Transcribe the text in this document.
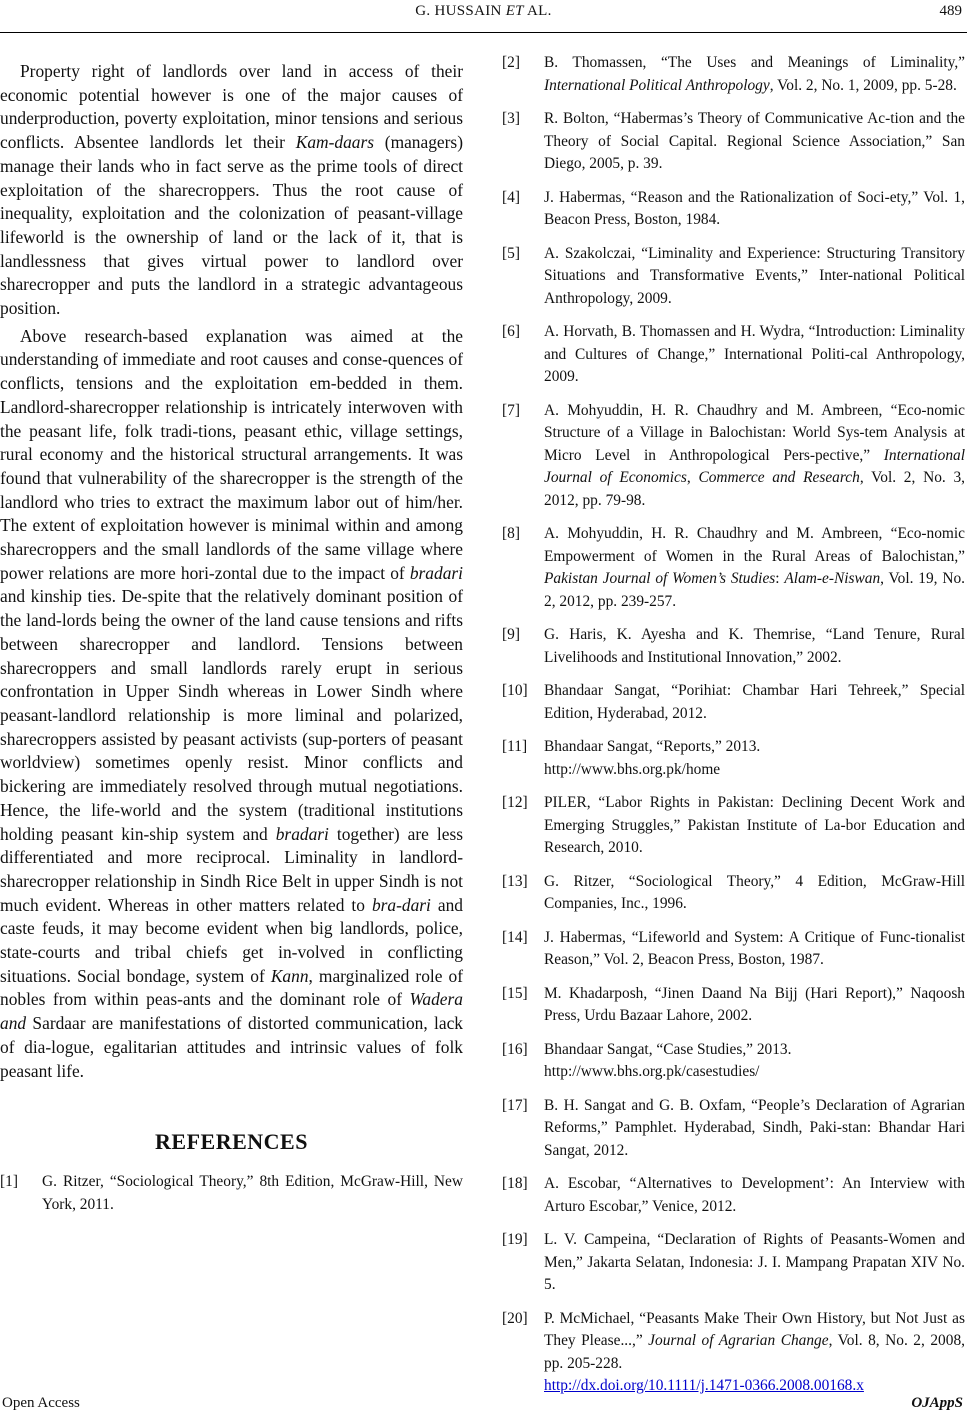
G. HUSSAIN ET AL.	489

Property right of landlords over land in access of their economic potential however is one of the major causes of underproduction, poverty exploitation, minor tensions and serious conflicts. Absentee landlords let their Kam-daars (managers) manage their lands who in fact serve as the prime tools of direct exploitation of the sharecroppers. Thus the root cause of inequality, exploitation and the colonization of peasant-village lifeworld is the ownership of land or the lack of it, that is landlessness that gives virtual power to landlord over sharecropper and puts the landlord in a strategic advantageous position.

Above research-based explanation was aimed at the understanding of immediate and root causes and conse-quences of conflicts, tensions and the exploitation em-bedded in them. Landlord-sharecropper relationship is intricately interwoven with the peasant life, folk tradi-tions, peasant ethic, village settings, rural economy and the historical structural arrangements. It was found that vulnerability of the sharecropper is the strength of the landlord who tries to extract the maximum labor out of him/her. The extent of exploitation however is minimal within and among sharecroppers and the small landlords of the same village where power relations are more hori-zontal due to the impact of bradari and kinship ties. De-spite that the relatively dominant position of the land-lords being the owner of the land cause tensions and rifts between sharecropper and landlord. Tensions between sharecroppers and small landlords rarely erupt in serious confrontation in Upper Sindh whereas in Lower Sindh where peasant-landlord relationship is more liminal and polarized, sharecroppers assisted by peasant activists (sup-porters of peasant worldview) sometimes openly resist. Minor conflicts and bickering are immediately resolved through mutual negotiations. Hence, the life-world and the system (traditional institutions holding peasant kin-ship system and bradari together) are less differentiated and more reciprocal. Liminality in landlord-sharecropper relationship in Sindh Rice Belt in upper Sindh is not much evident. Whereas in other matters related to bra-dari and caste feuds, it may become evident when big landlords, police, state-courts and tribal chiefs get in-volved in conflicting situations. Social bondage, system of Kann, marginalized role of nobles from within peas-ants and the dominant role of Wadera and Sardaar are manifestations of distorted communication, lack of dia-logue, egalitarian attitudes and intrinsic values of folk peasant life.

REFERENCES
[1]	G. Ritzer, “Sociological Theory,” 8th Edition, McGraw-Hill, New York, 2011.
[2]	B. Thomassen, “The Uses and Meanings of Liminality,” International Political Anthropology, Vol. 2, No. 1, 2009, pp. 5-28.
[3]	R. Bolton, “Habermas’s Theory of Communicative Ac-tion and the Theory of Social Capital. Regional Science Association,” San Diego, 2005, p. 39.
[4]	J. Habermas, “Reason and the Rationalization of Soci-ety,” Vol. 1, Beacon Press, Boston, 1984.
[5]	A. Szakolczai, “Liminality and Experience: Structuring Transitory Situations and Transformative Events,” Inter-national Political Anthropology, 2009.
[6]	A. Horvath, B. Thomassen and H. Wydra, “Introduction: Liminality and Cultures of Change,” International Politi-cal Anthropology, 2009.
[7]	A. Mohyuddin, H. R. Chaudhry and M. Ambreen, “Eco-nomic Structure of a Village in Balochistan: World Sys-tem Analysis at Micro Level in Anthropological Pers-pective,” International Journal of Economics, Commerce and Research, Vol. 2, No. 3, 2012, pp. 79-98.
[8]	A. Mohyuddin, H. R. Chaudhry and M. Ambreen, “Eco-nomic Empowerment of Women in the Rural Areas of Balochistan,” Pakistan Journal of Women’s Studies: Alam-e-Niswan, Vol. 19, No. 2, 2012, pp. 239-257.
[9]	G. Haris, K. Ayesha and K. Themrise, “Land Tenure, Rural Livelihoods and Institutional Innovation,” 2002.
[10]	Bhandaar Sangat, “Porihiat: Chambar Hari Tehreek,” Special Edition, Hyderabad, 2012.
[11]	Bhandaar Sangat, “Reports,” 2013.
http://www.bhs.org.pk/home
[12]	PILER, “Labor Rights in Pakistan: Declining Decent Work and Emerging Struggles,” Pakistan Institute of La-bor Education and Research, 2010.
[13]	G. Ritzer, “Sociological Theory,” 4 Edition, McGraw-Hill Companies, Inc., 1996.
[14]	J. Habermas, “Lifeworld and System: A Critique of Func-tionalist Reason,” Vol. 2, Beacon Press, Boston, 1987.
[15]	M. Khadarposh, “Jinen Daand Na Bijj (Hari Report),” Naqoosh Press, Urdu Bazaar Lahore, 2002.
[16]	Bhandaar Sangat, “Case Studies,” 2013.
http://www.bhs.org.pk/casestudies/
[17]	B. H. Sangat and G. B. Oxfam, “People’s Declaration of Agrarian Reforms,” Pamphlet. Hyderabad, Sindh, Paki-stan: Bhandar Hari Sangat, 2012.
[18]	A. Escobar, “Alternatives to Development’: An Interview with Arturo Escobar,” Venice, 2012.
[19]	L. V. Campeina, “Declaration of Rights of Peasants-Women and Men,” Jakarta Selatan, Indonesia: J. I. Mampang Prapatan XIV No. 5.
[20]	P. McMichael, “Peasants Make Their Own History, but Not Just as They Please...,” Journal of Agrarian Change, Vol. 8, No. 2, 2008, pp. 205-228.
http://dx.doi.org/10.1111/j.1471-0366.2008.00168.x
Open Access	OJAppS
